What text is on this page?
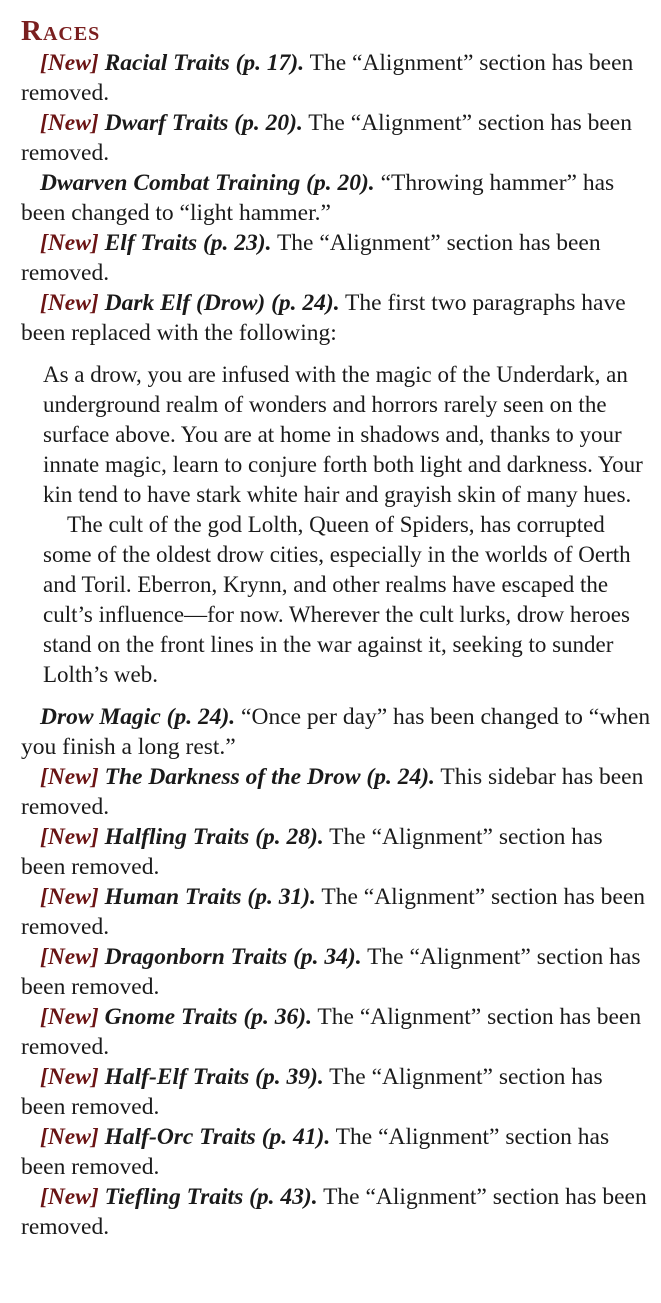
Races

[New] Racial Traits (p. 17). The “Alignment” section has been removed.

[New] Dwarf Traits (p. 20). The “Alignment” section has been removed.

Dwarven Combat Training (p. 20). “Throwing hammer” has been changed to “light hammer.”

[New] Elf Traits (p. 23). The “Alignment” section has been removed.

[New] Dark Elf (Drow) (p. 24). The first two paragraphs have been replaced with the following:

As a drow, you are infused with the magic of the Underdark, an underground realm of wonders and horrors rarely seen on the surface above. You are at home in shadows and, thanks to your innate magic, learn to conjure forth both light and darkness. Your kin tend to have stark white hair and grayish skin of many hues.

The cult of the god Lolth, Queen of Spiders, has corrupted some of the oldest drow cities, especially in the worlds of Oerth and Toril. Eberron, Krynn, and other realms have escaped the cult’s influence—for now. Wherever the cult lurks, drow heroes stand on the front lines in the war against it, seeking to sunder Lolth’s web.

Drow Magic (p. 24). “Once per day” has been changed to “when you finish a long rest.”

[New] The Darkness of the Drow (p. 24). This sidebar has been removed.

[New] Halfling Traits (p. 28). The “Alignment” section has been removed.

[New] Human Traits (p. 31). The “Alignment” section has been removed.

[New] Dragonborn Traits (p. 34). The “Alignment” section has been removed.

[New] Gnome Traits (p. 36). The “Alignment” section has been removed.

[New] Half-Elf Traits (p. 39). The “Alignment” section has been removed.

[New] Half-Orc Traits (p. 41). The “Alignment” section has been removed.

[New] Tiefling Traits (p. 43). The “Alignment” section has been removed.
